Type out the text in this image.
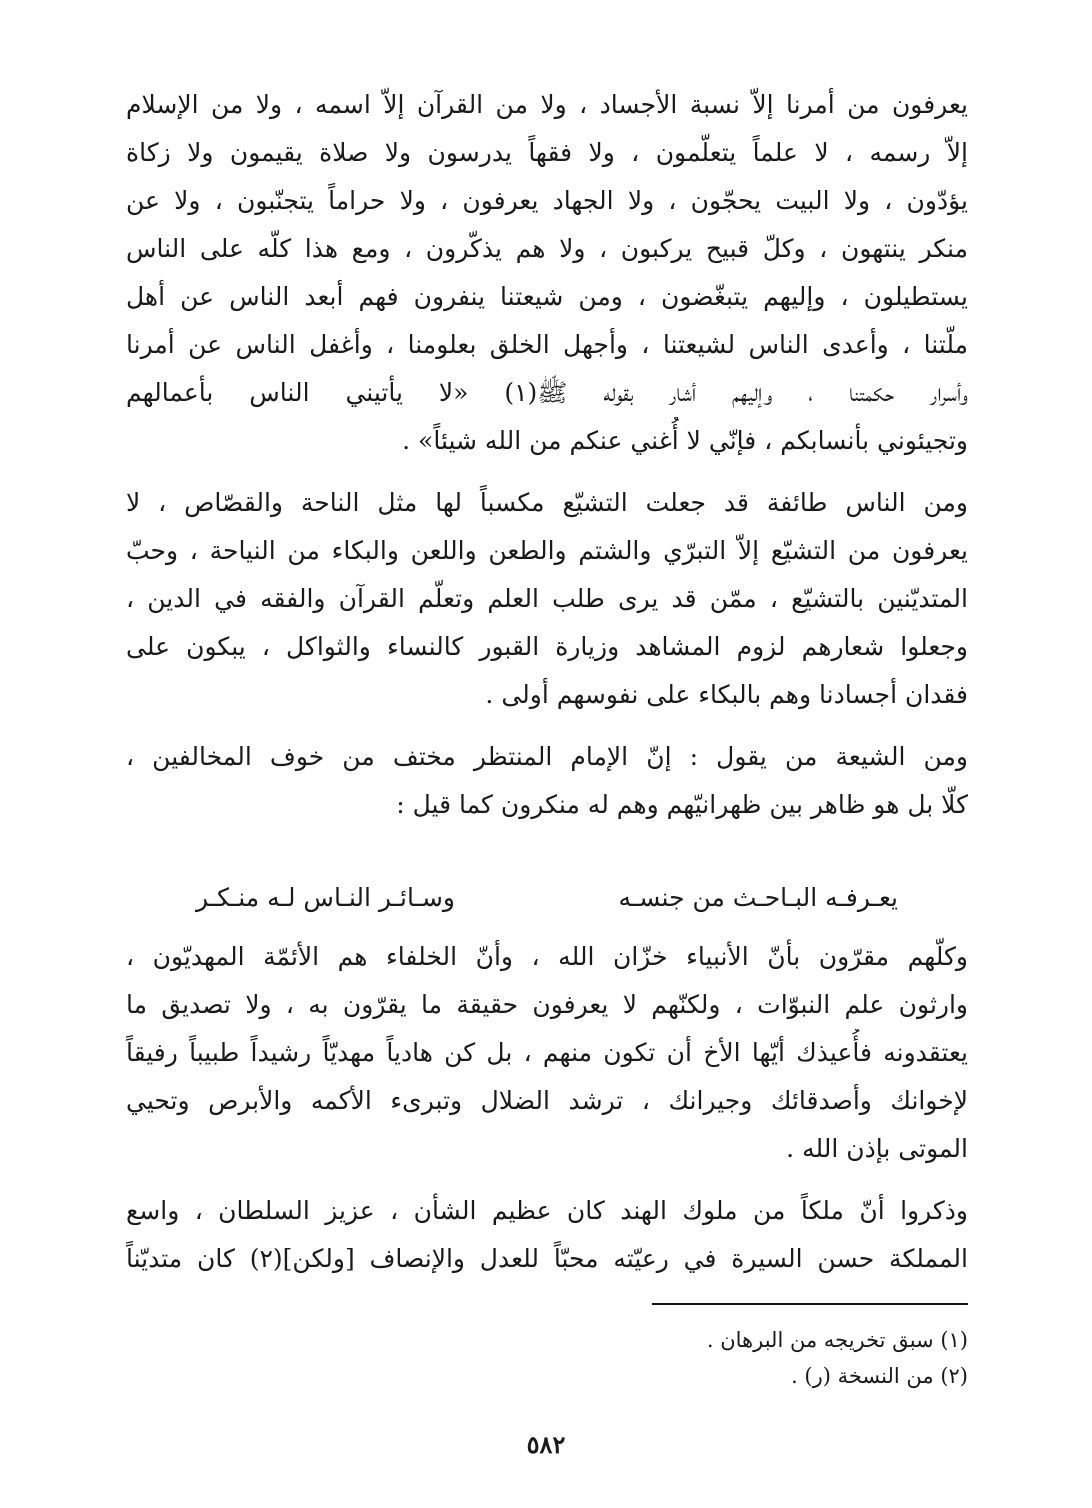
يعرفون من أمرنا إلاّ نسبة الأجساد ، ولا من القرآن إلاّ اسمه ، ولا من الإسلام
إلاّ رسمه ، لا علماً يتعلّمون ، ولا فقهاً يدرسون ولا صلاة يقيمون ولا زكاة
يؤدّون ، ولا البيت يحجّون ، ولا الجهاد يعرفون ، ولا حراماً يتجنّبون ، ولا عن
منكر ينتهون ، وكلّ قبيح يركبون ، ولا هم يذكّرون ، ومع هذا كلّه على الناس
يستطيلون ، وإليهم يتبغّضون ، ومن شيعتنا ينفرون فهم أبعد الناس عن أهل
ملّتنا ، وأعدى الناس لشيعتنا ، وأجهل الخلق بعلومنا ، وأغفل الناس عن أمرنا
وأسرار حكمتنا ، وإليهم أشار بقوله ﷺ(١) «لا يأتيني الناس بأعمالهم
وتجيئوني بأنسابكم ، فإنّي لا أُغني عنكم من الله شيئاً» .
ومن الناس طائفة قد جعلت التشيّع مكسباً لها مثل الناحة والقصّاص ، لا
يعرفون من التشيّع إلاّ التبرّي والشتم والطعن واللعن والبكاء من النياحة ، وحبّ
المتديّنين بالتشيّع ، ممّن قد يرى طلب العلم وتعلّم القرآن والفقه في الدين ،
وجعلوا شعارهم لزوم المشاهد وزيارة القبور كالنساء والثواكل ، يبكون على
فقدان أجسادنا وهم بالبكاء على نفوسهم أولى .
ومن الشيعة من يقول : إنّ الإمام المنتظر مختف من خوف المخالفين ،
كلّا بل هو ظاهر بين ظهرانيّهم وهم له منكرون كما قيل :
يعـرفـه البـاحـث من جنسـه
وسـائـر النـاس لـه منـكـر
وكلّهم مقرّون بأنّ الأنبياء خزّان الله ، وأنّ الخلفاء هم الأئمّة المهديّون ،
وارثون علم النبوّات ، ولكنّهم لا يعرفون حقيقة ما يقرّون به ، ولا تصديق ما
يعتقدونه فأُعيذك أيّها الأخ أن تكون منهم ، بل كن هادياً مهديّاً رشيداً طبيباً رفيقاً
لإخوانك وأصدقائك وجيرانك ، ترشد الضلال وتبرىء الأكمه والأبرص وتحيي
الموتى بإذن الله .
وذكروا أنّ ملكاً من ملوك الهند كان عظيم الشأن ، عزيز السلطان ، واسع
المملكة حسن السيرة في رعيّته محبّاً للعدل والإنصاف [ولكن](٢) كان متديّناً
(١) سبق تخريجه من البرهان .
(٢) من النسخة (ر) .
٥٨٢
